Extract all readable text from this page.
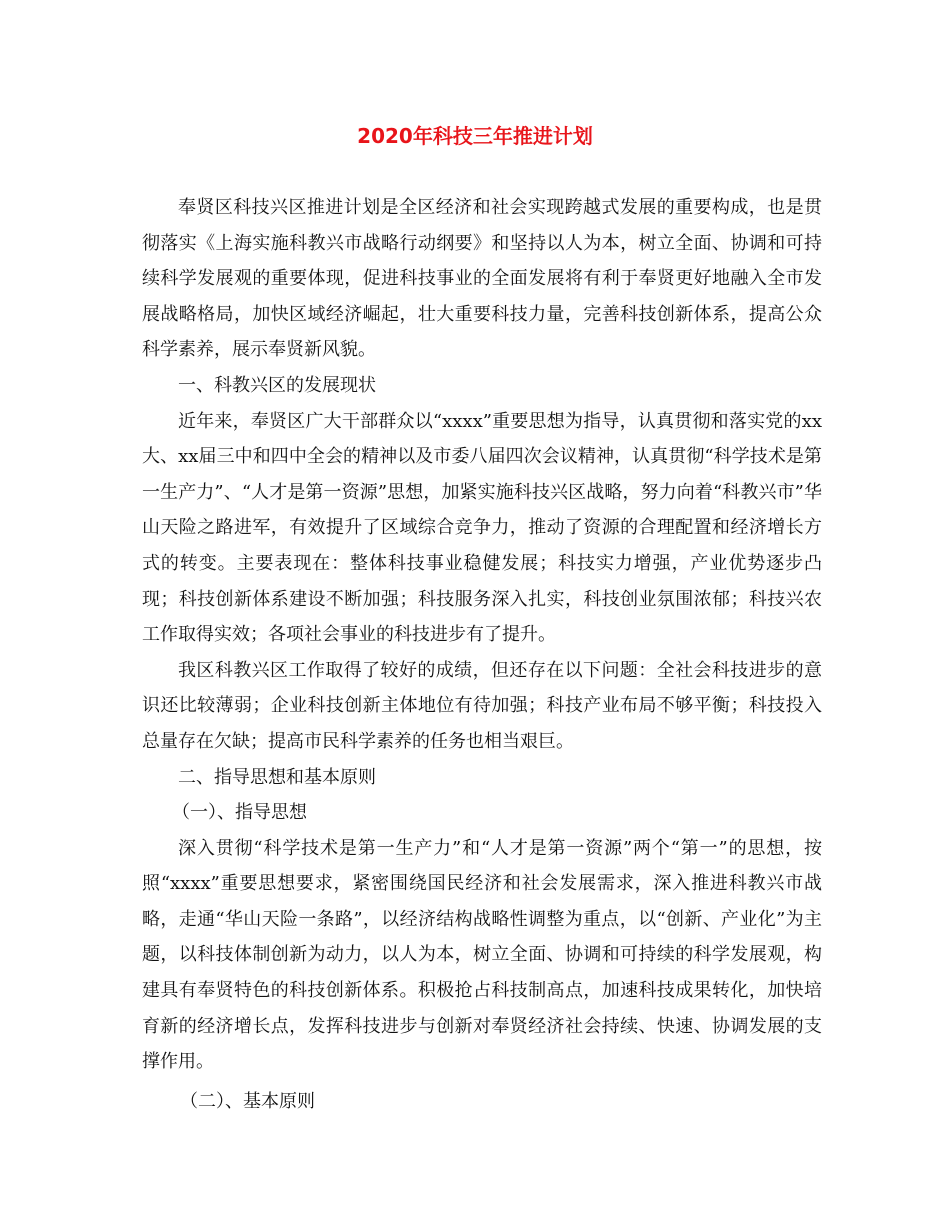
2020年科技三年推进计划

奉贤区科技兴区推进计划是全区经济和社会实现跨越式发展的重要构成，也是贯彻落实《上海实施科教兴市战略行动纲要》和坚持以人为本，树立全面、协调和可持续科学发展观的重要体现，促进科技事业的全面发展将有利于奉贤更好地融入全市发展战略格局，加快区域经济崛起，壮大重要科技力量，完善科技创新体系，提高公众科学素养，展示奉贤新风貌。

一、科教兴区的发展现状

近年来，奉贤区广大干部群众以“xxxx”重要思想为指导，认真贯彻和落实党的xx大、xx届三中和四中全会的精神以及市委八届四次会议精神，认真贯彻“科学技术是第一生产力”、“人才是第一资源”思想，加紧实施科技兴区战略，努力向着“科教兴市”华山天险之路进军，有效提升了区域综合竞争力，推动了资源的合理配置和经济增长方式的转变。主要表现在：整体科技事业稳健发展；科技实力增强，产业优势逐步凸现；科技创新体系建设不断加强；科技服务深入扎实，科技创业氛围浓郁；科技兴农工作取得实效；各项社会事业的科技进步有了提升。

我区科教兴区工作取得了较好的成绩，但还存在以下问题：全社会科技进步的意识还比较薄弱；企业科技创新主体地位有待加强；科技产业布局不够平衡；科技投入总量存在欠缺；提高市民科学素养的任务也相当艰巨。

二、指导思想和基本原则

（一）、指导思想

深入贯彻“科学技术是第一生产力”和“人才是第一资源”两个“第一”的思想，按照“xxxx”重要思想要求，紧密围绕国民经济和社会发展需求，深入推进科教兴市战略，走通“华山天险一条路”，以经济结构战略性调整为重点，以“创新、产业化”为主题，以科技体制创新为动力，以人为本，树立全面、协调和可持续的科学发展观，构建具有奉贤特色的科技创新体系。积极抢占科技制高点，加速科技成果转化，加快培育新的经济增长点，发挥科技进步与创新对奉贤经济社会持续、快速、协调发展的支撑作用。

（二）、基本原则
